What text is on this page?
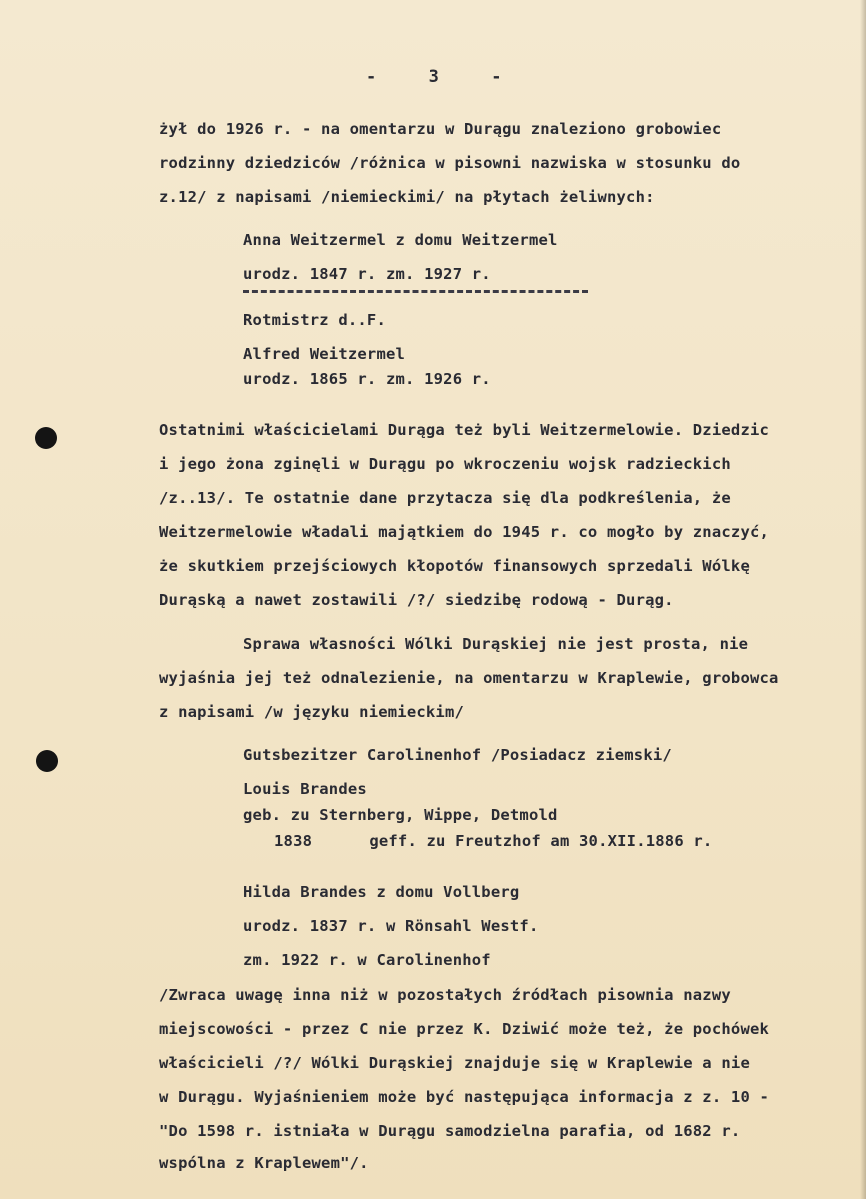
-     3     -
żył do 1926 r. - na omentarzu w Durągu znaleziono grobowiec
rodzinny dziedziców /różnica w pisowni nazwiska w stosunku do
z.12/ z napisami /niemieckimi/ na płytach żeliwnych:
Anna Weitzermel z domu Weitzermel
urodz. 1847 r. zm. 1927 r.
Rotmistrz d..F.
Alfred Weitzermel
urodz. 1865 r. zm. 1926 r.
Ostatnimi właścicielami Durąga też byli Weitzermelowie. Dziedzic
i jego żona zginęli w Durągu po wkroczeniu wojsk radzieckich
/z..13/. Te ostatnie dane przytacza się dla podkreślenia, że
Weitzermelowie władali majątkiem do 1945 r. co mogło by znaczyć,
że skutkiem przejściowych kłopotów finansowych sprzedali Wólkę
Durąską a nawet zostawili /?/ siedzibę rodową - Durąg.
Sprawa własności Wólki Durąskiej nie jest prosta, nie
wyjaśnia jej też odnalezienie, na omentarzu w Kraplewie, grobowca
z napisami /w języku niemieckim/
Gutsbezitzer Carolinenhof /Posiadacz ziemski/
Louis Brandes
geb. zu Sternberg, Wippe, Detmold
1838      geff. zu Freutzhof am 30.XII.1886 r.
Hilda Brandes z domu Vollberg
urodz. 1837 r. w Rönsahl Westf.
zm. 1922 r. w Carolinenhof
/Zwraca uwagę inna niż w pozostałych źródłach pisownia nazwy
miejscowości - przez C nie przez K. Dziwić może też, że pochówek
właścicieli /?/ Wólki Durąskiej znajduje się w Kraplewie a nie
w Durągu. Wyjaśnieniem może być następująca informacja z z. 10 -
"Do 1598 r. istniała w Durągu samodzielna parafia, od 1682 r.
wspólna z Kraplewem"/.
